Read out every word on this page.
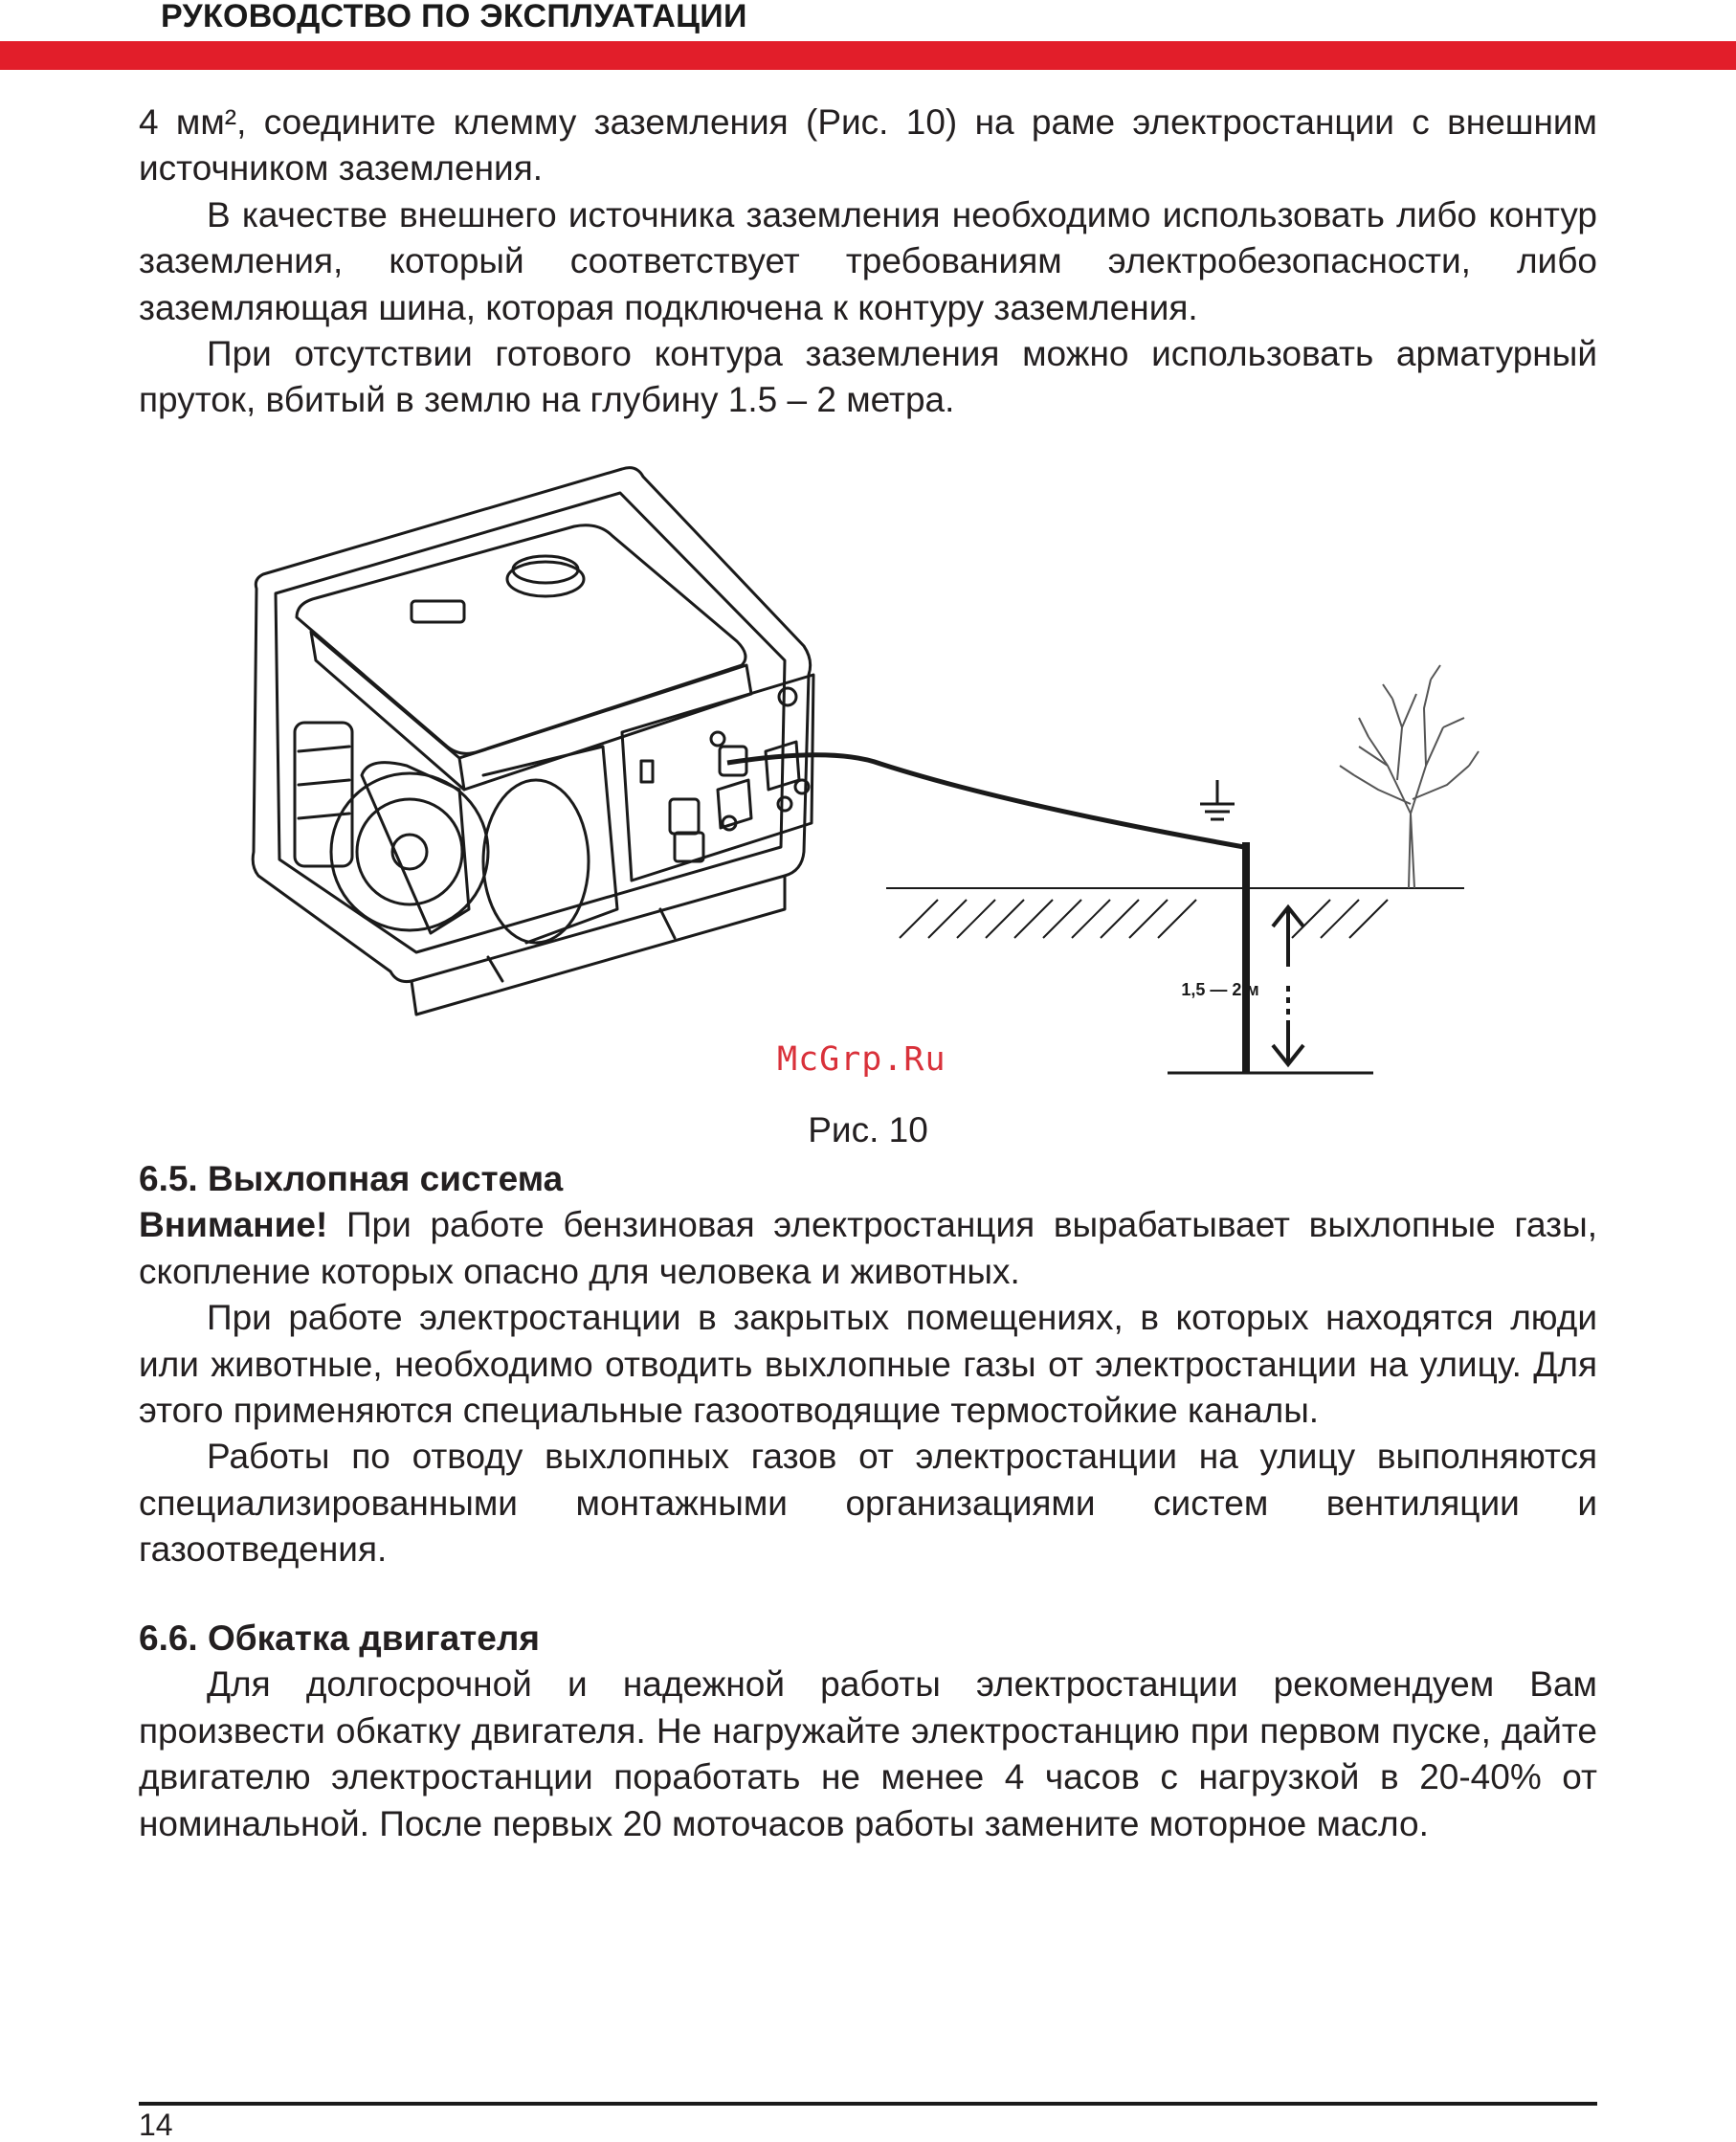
РУКОВОДСТВО ПО ЭКСПЛУАТАЦИИ

4 мм², соедините клемму заземления (Рис. 10) на раме электростанции с внешним источником заземления.

В качестве внешнего источника заземления необходимо использовать либо контур заземления, который соответствует требованиям электробезопасности, либо заземляющая шина, которая подключена к контуру заземления.

При отсутствии готового контура заземления можно использовать арматурный пруток, вбитый в землю на глубину 1.5 – 2 метра.

1,5 — 2 м
McGrp.Ru
Рис. 10
6.5. Выхлопная система

Внимание! При работе бензиновая электростанция вырабатывает выхлопные газы, скопление которых опасно для человека и животных.

При работе электростанции в закрытых помещениях, в которых находятся люди или животные, необходимо отводить выхлопные газы от электростанции на улицу. Для этого применяются специальные газоотводящие термостойкие каналы.

Работы по отводу выхлопных газов от электростанции на улицу выполняются специализированными монтажными организациями систем вентиляции и газоотведения.

6.6. Обкатка двигателя

Для долгосрочной и надежной работы электростанции рекомендуем Вам произвести обкатку двигателя. Не нагружайте электростанцию при первом пуске, дайте двигателю электростанции поработать не менее 4 часов с нагрузкой в 20-40% от номинальной. После первых 20 моточасов работы замените моторное масло.

14
